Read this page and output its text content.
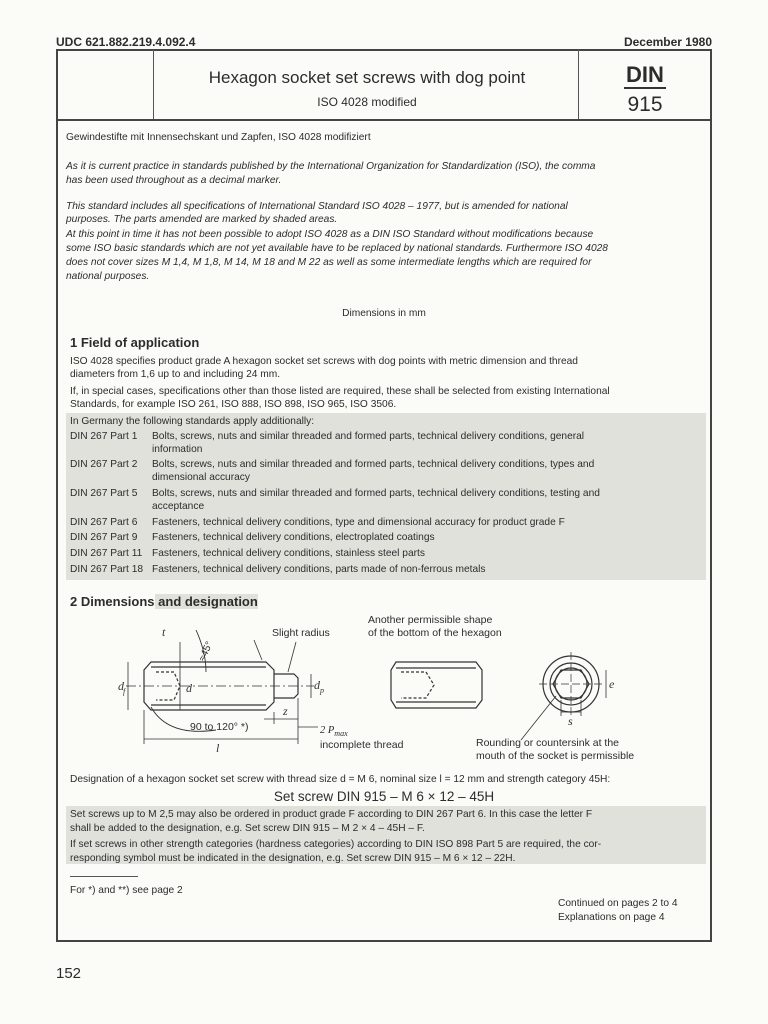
UDC 621.882.219.4.092.4	December 1980
Hexagon socket set screws with dog point
ISO 4028 modified
DIN
915
Gewindestifte mit Innensechskant und Zapfen, ISO 4028 modifiziert
As it is current practice in standards published by the International Organization for Standardization (ISO), the comma
has been used throughout as a decimal marker.
This standard includes all specifications of International Standard ISO 4028 – 1977, but is amended for national
purposes. The parts amended are marked by shaded areas.
At this point in time it has not been possible to adopt ISO 4028 as a DIN ISO Standard without modifications because
some ISO basic standards which are not yet available have to be replaced by national standards. Furthermore ISO 4028
does not cover sizes M 1,4, M 1,8, M 14, M 18 and M 22 as well as some intermediate lengths which are required for
national purposes.
Dimensions in mm
1 Field of application
ISO 4028 specifies product grade A hexagon socket set screws with dog points with metric dimension and thread
diameters from 1,6 up to and including 24 mm.
If, in special cases, specifications other than those listed are required, these shall be selected from existing International
Standards, for example ISO 261, ISO 888, ISO 898, ISO 965, ISO 3506.
In Germany the following standards apply additionally:
DIN 267 Part 1	Bolts, screws, nuts and similar threaded and formed parts, technical delivery conditions, general
information
DIN 267 Part 2	Bolts, screws, nuts and similar threaded and formed parts, technical delivery conditions, types and
dimensional accuracy
DIN 267 Part 5	Bolts, screws, nuts and similar threaded and formed parts, technical delivery conditions, testing and
acceptance
DIN 267 Part 6	Fasteners, technical delivery conditions, type and dimensional accuracy for product grade F
DIN 267 Part 9	Fasteners, technical delivery conditions, electroplated coatings
DIN 267 Part 11 Fasteners, technical delivery conditions, stainless steel parts
DIN 267 Part 18 Fasteners, technical delivery conditions, parts made of non-ferrous metals
2 Dimensions and designation
d f	d
t
d p
z
l
e
s
≈45°
Slight radius
Another permissible shape
of the bottom of the hexagon
90 to 120° *)	2 $P_{max}$
incomplete thread	Rounding or countersink at the
mouth of the socket is permissible
Designation of a hexagon socket set screw with thread size d = M 6, nominal size l = 12 mm and strength category 45H:
Set screw DIN 915 – M 6 × 12 – 45H
Set screws up to M 2,5 may also be ordered in product grade F according to DIN 267 Part 6. In this case the letter F
shall be added to the designation, e.g. Set screw DIN 915 – M 2 × 4 – 45H – F.
If set screws in other strength categories (hardness categories) according to DIN ISO 898 Part 5 are required, the cor-
responding symbol must be indicated in the designation, e.g. Set screw DIN 915 – M 6 × 12 – 22H.
For *) and **) see page 2
Continued on pages 2 to 4
Explanations on page 4
152
